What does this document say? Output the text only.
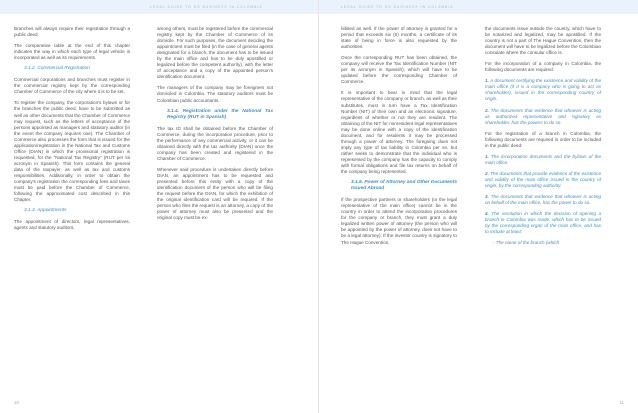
LEGAL GUIDE TO DO BUSINESS IN COLOMBIA

Branches will always require their registration through a public deed.

The comparative table at the end of this chapter indicates the way in which each type of legal vehicle is incorporated as well as its requirements.

3.1.2. Commercial Registration

Commercial corporations and branches must register in the commercial registry kept by the corresponding Chamber of Commerce of the city where it is to be set.

To register the company, the corporation's bylaws or for the branches the public deed, have to be submitted as well as other documents that the Chamber of Commerce may request, such as the letters of acceptance of the persons appointed as managers and statutory auditor (in the event the company requires one). The Chamber of Commerce also processes the form that is issued for the application/registration in the National Tax and Customs Office (DIAN) in which the provisional registration is requested, for the "National Tax Registry" (RUT per its acronym in Spanish). This form contains the general data of the taxpayer, as well as tax and customs responsibilities. Additionally, in order to obtain the company's registration the corresponding fees and taxes must be paid before the Chamber of Commerce, following the approximated cost described in this Chapter.

3.1.3. Appointments

The appointment of directors, legal representatives, agents and statutory auditors,

among others, must be registered before the commercial registry kept by the Chamber of Commerce of its domicile. For such purposes, the document deciding the appointment must be filed (in the case of general agents designated for a branch, the document has to be issued by the main office and has to be duly apostilled or legalized before the competent authority), with the letter of acceptance and a copy of the appointed person's identification document.

The managers of the company may be foreigners not domiciled in Colombia. The statutory auditors must be Colombian public accountants.

3.1.4. Registration under the National Tax Registry (RUT in Spanish)

The tax ID shall be obtained before the Chamber of Commerce, during the incorporation procedure, prior to the performance of any commercial activity, or it can be obtained directly with the tax authority (DIAN) once the company has been created and registered in the Chamber of Commerce.

Whenever said procedure is undertaken directly before DIAN, an appointment has to be requested and presented before this entity with a copy of the identification document of the person who will be filing the request before the DIAN, for which the exhibition of the original identification card will be required. If the person who files the request is an attorney, a copy of the power of attorney must also be presented and the original copy must be ex-

10
LEGAL GUIDE TO DO BUSINESS IN COLOMBIA

hibited as well. If the power of attorney is granted for a period that exceeds six (6) months, a certificate of its state of being in force is also requested by the authorities.

Once the corresponding RUT has been obtained, the company will receive the Tax Identification Number (NIT per its acronym in Spanish), which will have to be updated before the corresponding Chamber of Commerce.

It is important to bear in mind that the legal representative of the company or branch, as well as their substitutes, must in turn have a Tax Identification Number (NIT) of their own and an electronic signature, regardless of whether or not they are resident. The obtaining of the NIT for nonresident legal representatives may be done online with a copy of the identification document, and for residents it may be processed through a power of attorney. The foregoing does not imply any type of tax liability in Colombia per se, but rather seeks to demonstrate that the individual who is represented by the company has the capacity to comply with formal obligations and file tax returns on behalf of the company being represented.

3.1.5. Power of Attorney and Other Documents Issued Abroad

If the prospective partners or shareholders (or the legal representative of the main office) cannot be in the country in order to attend the incorporation procedures for the company or branch, they must grant a duly legalized written power of attorney (the person who will be appointed by the power of attorney, does not have to be a legal attorney). If the investor country is signatory to The Hague Convention,

the documents issue outside the country, which have to be notarized and legalized, may be apostilled. If the country is not a part of The Hague Convention, then the document will have to be legalized before the Colombian consulate where the consular office is.

For the incorporation of a company in Colombia, the following documents are required:

1. A document certifying the existence and validity of the main office (if it is a company who is going to act as shareholder), issued in the corresponding country of origin.

2. The documents that evidence that whoever is acting as authorized representative and signatory as shareholder, has the powers to do so.

For the registration of a branch in Colombia, the following documents are required in order to be included in the public deed:

1. The incorporation documents and the bylaws of the main office.

2. The documents that provide evidence of the existence and validity of the main office issued in the country of origin, by the corresponding authority.

3. The documents that evidence that whoever is acting on behalf of the main office, has the power to do so.

4. The resolution in which the decision of opening a branch in Colombia was made, which has to be issued by the corresponding organ of the main office, and has to include at least:

- The name of the branch (which

11
